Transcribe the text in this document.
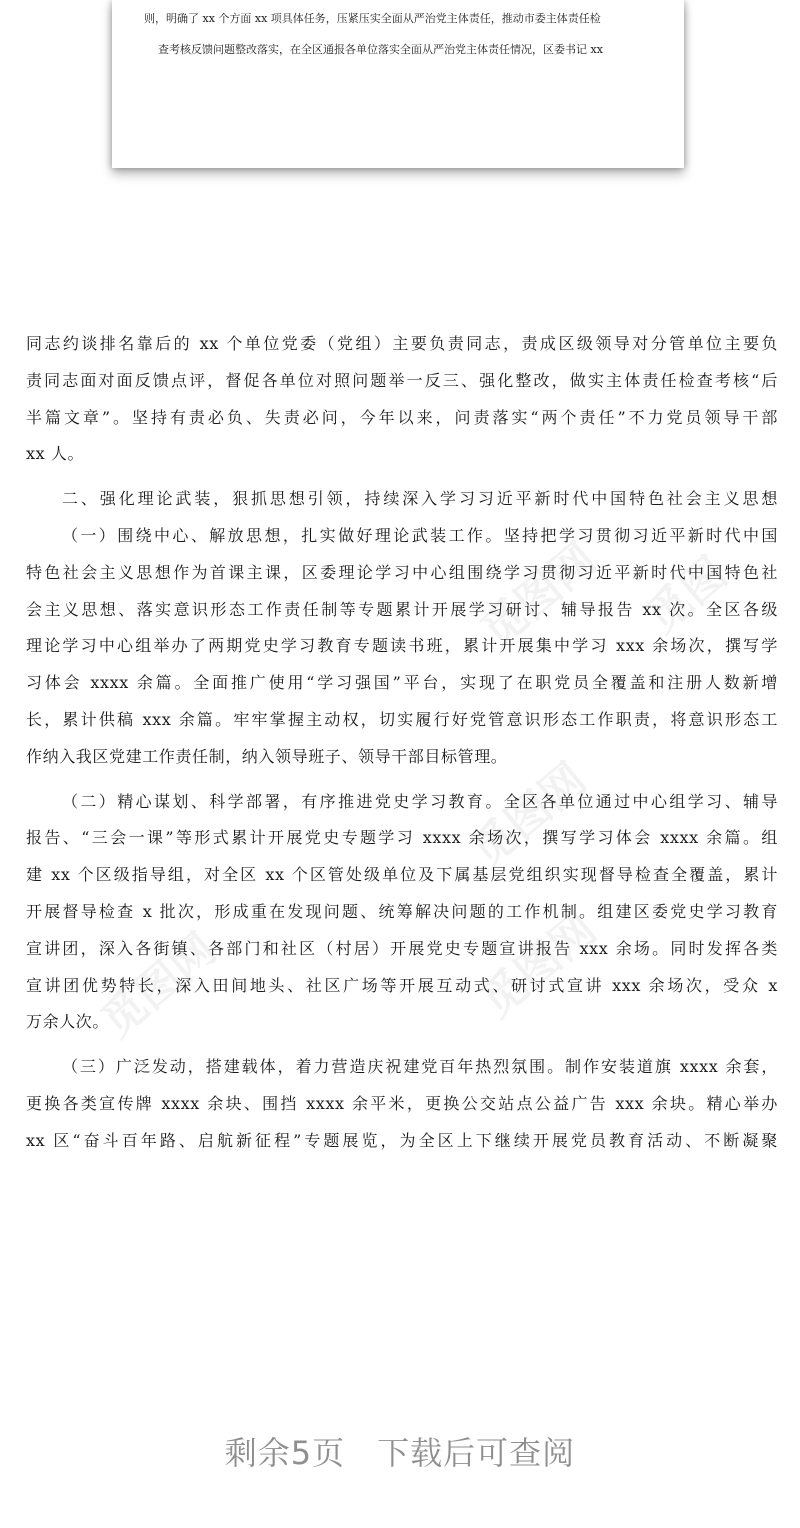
则，明确了 xx 个方面 xx 项具体任务，压紧压实全面从严治党主体责任，推动市委主体责任检
查考核反馈问题整改落实，在全区通报各单位落实全面从严治党主体责任情况，区委书记 xx
觅图网 觅图
觅图网	觅图网
觅图网
同志约谈排名靠后的 xx 个单位党委（党组）主要负责同志，责成区级领导对分管单位主要负
责同志面对面反馈点评，督促各单位对照问题举一反三、强化整改，做实主体责任检查考核“后
半篇文章”。坚持有责必负、失责必问，今年以来，问责落实“两个责任”不力党员领导干部
xx 人。
二、强化理论武装，狠抓思想引领，持续深入学习习近平新时代中国特色社会主义思想
（一）围绕中心、解放思想，扎实做好理论武装工作。坚持把学习贯彻习近平新时代中国
特色社会主义思想作为首课主课，区委理论学习中心组围绕学习贯彻习近平新时代中国特色社
会主义思想、落实意识形态工作责任制等专题累计开展学习研讨、辅导报告 xx 次。全区各级
理论学习中心组举办了两期党史学习教育专题读书班，累计开展集中学习 xxx 余场次，撰写学
习体会 xxxx 余篇。全面推广使用“学习强国”平台，实现了在职党员全覆盖和注册人数新增
长，累计供稿 xxx 余篇。牢牢掌握主动权，切实履行好党管意识形态工作职责，将意识形态工
作纳入我区党建工作责任制，纳入领导班子、领导干部目标管理。
（二）精心谋划、科学部署，有序推进党史学习教育。全区各单位通过中心组学习、辅导
报告、“三会一课”等形式累计开展党史专题学习 xxxx 余场次，撰写学习体会 xxxx 余篇。组
建 xx 个区级指导组，对全区 xx 个区管处级单位及下属基层党组织实现督导检查全覆盖，累计
开展督导检查 x 批次，形成重在发现问题、统筹解决问题的工作机制。组建区委党史学习教育
宣讲团，深入各街镇、各部门和社区（村居）开展党史专题宣讲报告 xxx 余场。同时发挥各类
宣讲团优势特长，深入田间地头、社区广场等开展互动式、研讨式宣讲 xxx 余场次，受众 x
万余人次。
（三）广泛发动，搭建载体，着力营造庆祝建党百年热烈氛围。制作安装道旗 xxxx 余套，
更换各类宣传牌 xxxx 余块、围挡 xxxx 余平米，更换公交站点公益广告 xxx 余块。精心举办
xx 区“奋斗百年路、启航新征程”专题展览，为全区上下继续开展党员教育活动、不断凝聚
剩余5页 下载后可查阅
